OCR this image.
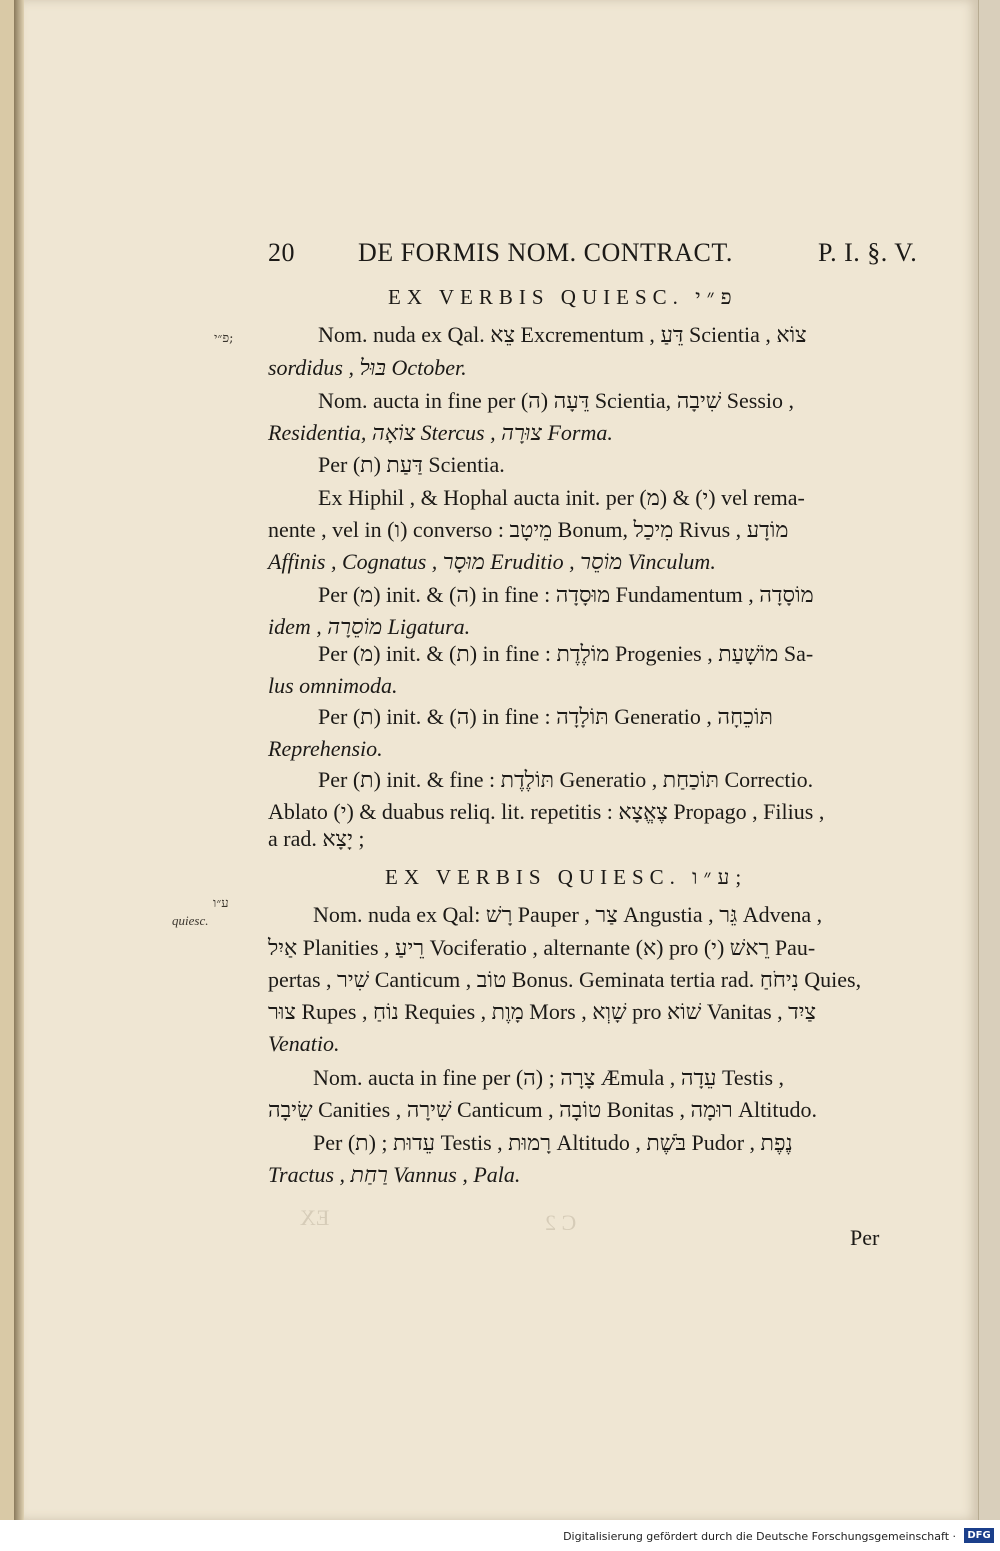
EX	C 2
20 DE FORMIS NOM. CONTRACT.	P. I. §. V.
EX VERBIS QUIESC. פ״י
פ״י;	Nom. nuda ex Qal. צֵא Excrementum , דֵּעַ Scientia , צוֹא
sordidus , בּוּל October.
Nom. aucta in fine per (ה) דֵּעָה Scientia, שִׁיבָה Sessio ,
Residentia, צוֹאָה Stercus , צוּרָה Forma.
Per (ת) דַּעַת Scientia.
Ex Hiphil , & Hophal aucta init. per (מ) & (י) vel rema-
nente , vel in (ו) converso : מֵיטָב Bonum, מִיכַל Rivus , מוֹדָע
Affinis , Cognatus , מוּסָר Eruditio , מוֹסֵר Vinculum.
Per (מ) init. & (ה) in fine : מוּסָדָה Fundamentum , מוֹסָדָה
idem , מוֹסֵרָה Ligatura.
Per (מ) init. & (ת) in fine : מוֹלֶדֶת Progenies , מוֹשָׁעַת Sa-
lus omnimoda.
Per (ת) init. & (ה) in fine : תּוֹלָדָה Generatio , תּוֹכֵחָה
Reprehensio.
Per (ת) init. & fine : תּוֹלֶדֶת Generatio , תּוֹכַחַת Correctio.
Ablato (י) & duabus reliq. lit. repetitis : צֶאֱצָא Propago , Filius ,
a rad. יָצָא ;
EX VERBIS QUIESC. ע״ו;
ע״ו
quiesc.	Nom. nuda ex Qal: רָשׁ Pauper , צַר Angustia , גֵּר Advena ,
אַיִל Planities , רֵיעַ Vociferatio , alternante (א) pro (י) רֵאשׁ Pau-
pertas , שִׁיר Canticum , טוֹב Bonus. Geminata tertia rad. נִיחֹחַ Quies,
צוּר Rupes , נוֹחַ Requies , מָוֶת Mors , שָׁוְא pro שׁוֹא Vanitas , צַיִד
Venatio.
Nom. aucta in fine per (ה) ; צָרָה Æmula , עֵדָה Testis ,
שֵׂיבָה Canities , שִׁירָה Canticum , טוֹבָה Bonitas , רוּמָה Altitudo.
Per (ת) ; עֵדוּת Testis , רָמוּת Altitudo , בֹּשֶׁת Pudor , נֶפֶת
Tractus , רַחַת Vannus , Pala.
Per
Digitalisierung gefördert durch die Deutsche Forschungsgemeinschaft ·	DFG
